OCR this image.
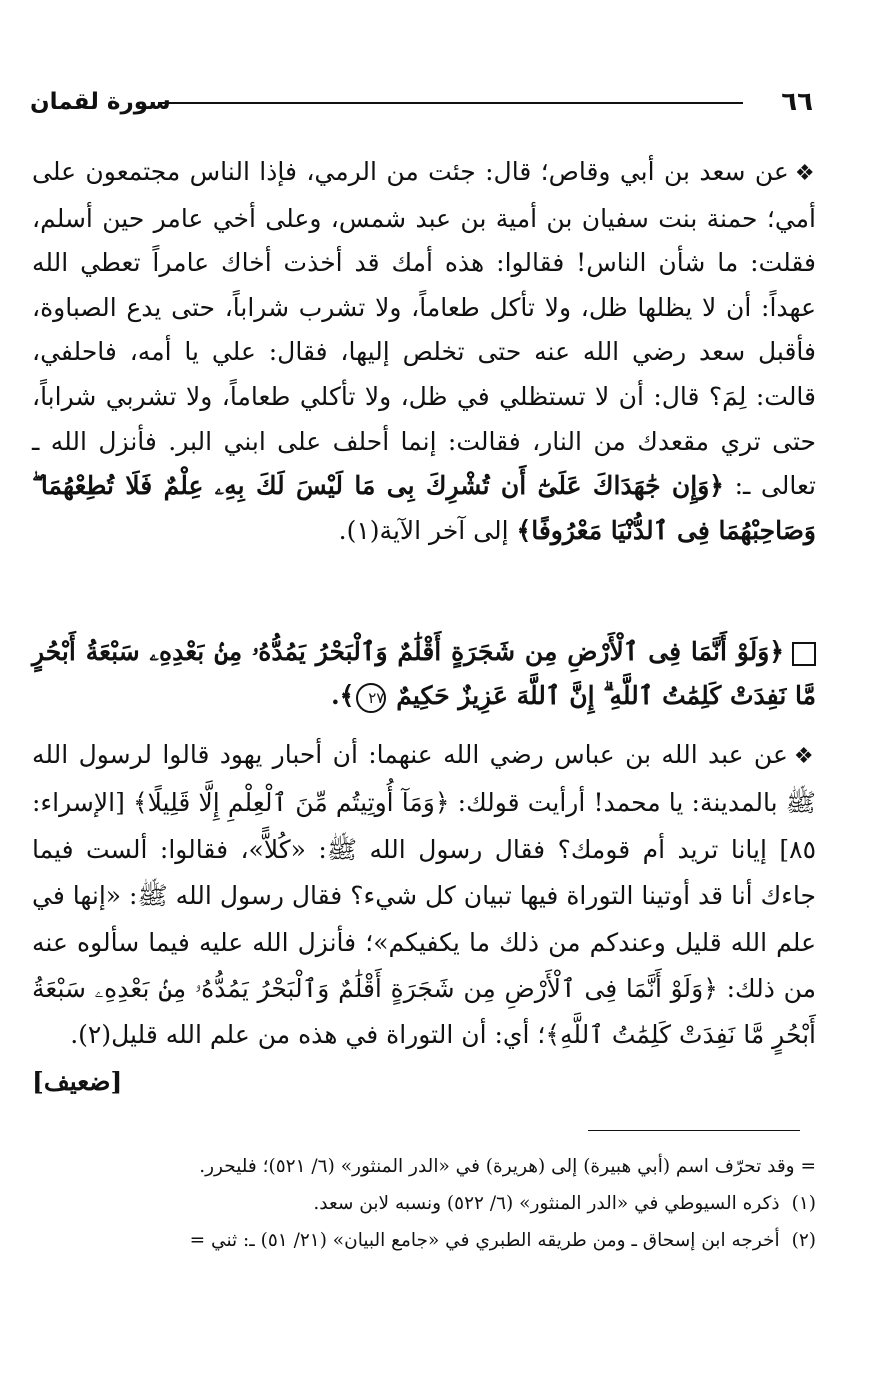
٦٦
سورة لقمان
❖عن سعد بن أبي وقاص؛ قال: جئت من الرمي، فإذا الناس مجتمعون على أمي؛ حمنة بنت سفيان بن أمية بن عبد شمس، وعلى أخي عامر حين أسلم، فقلت: ما شأن الناس! فقالوا: هذه أمك قد أخذت أخاك عامراً تعطي الله عهداً: أن لا يظلها ظل، ولا تأكل طعاماً، ولا تشرب شراباً، حتى يدع الصباوة، فأقبل سعد رضي الله عنه حتى تخلص إليها، فقال: علي يا أمه، فاحلفي، قالت: لِمَ؟ قال: أن لا تستظلي في ظل، ولا تأكلي طعاماً، ولا تشربي شراباً، حتى تري مقعدك من النار، فقالت: إنما أحلف على ابني البر. فأنزل الله ـ تعالى ـ: ﴿وَإِن جَٰهَدَاكَ عَلَىٰٓ أَن تُشْرِكَ بِى مَا لَيْسَ لَكَ بِهِۦ عِلْمٌ فَلَا تُطِعْهُمَا ۖ وَصَاحِبْهُمَا فِى ٱلدُّنْيَا مَعْرُوفًا﴾ إلى آخر الآية(١).
﴿وَلَوْ أَنَّمَا فِى ٱلْأَرْضِ مِن شَجَرَةٍ أَقْلَٰمٌ وَٱلْبَحْرُ يَمُدُّهُۥ مِنۢ بَعْدِهِۦ سَبْعَةُ أَبْحُرٍ مَّا نَفِدَتْ كَلِمَٰتُ ٱللَّهِ ۗ إِنَّ ٱللَّهَ عَزِيزٌ حَكِيمٌ ٢٧﴾.
❖عن عبد الله بن عباس رضي الله عنهما: أن أحبار يهود قالوا لرسول الله ﷺ بالمدينة: يا محمد! أرأيت قولك: ﴿وَمَآ أُوتِيتُم مِّنَ ٱلْعِلْمِ إِلَّا قَلِيلًا﴾ [الإسراء: ٨٥] إيانا تريد أم قومك؟ فقال رسول الله ﷺ: «كُلاًّ»، فقالوا: ألست فيما جاءك أنا قد أوتينا التوراة فيها تبيان كل شيء؟ فقال رسول الله ﷺ: «إنها في علم الله قليل وعندكم من ذلك ما يكفيكم»؛ فأنزل الله عليه فيما سألوه عنه من ذلك: ﴿وَلَوْ أَنَّمَا فِى ٱلْأَرْضِ مِن شَجَرَةٍ أَقْلَٰمٌ وَٱلْبَحْرُ يَمُدُّهُۥ مِنۢ بَعْدِهِۦ سَبْعَةُ أَبْحُرٍ مَّا نَفِدَتْ كَلِمَٰتُ ٱللَّهِ﴾؛ أي: أن التوراة في هذه من علم الله قليل(٢).
[ضعيف]
= وقد تحرّف اسم (أبي هبيرة) إلى (هريرة) في «الدر المنثور» (٦/ ٥٢١)؛ فليحرر.
(١)ذكره السيوطي في «الدر المنثور» (٦/ ٥٢٢) ونسبه لابن سعد.
(٢)أخرجه ابن إسحاق ـ ومن طريقه الطبري في «جامع البيان» (٢١/ ٥١) ـ: ثني =
